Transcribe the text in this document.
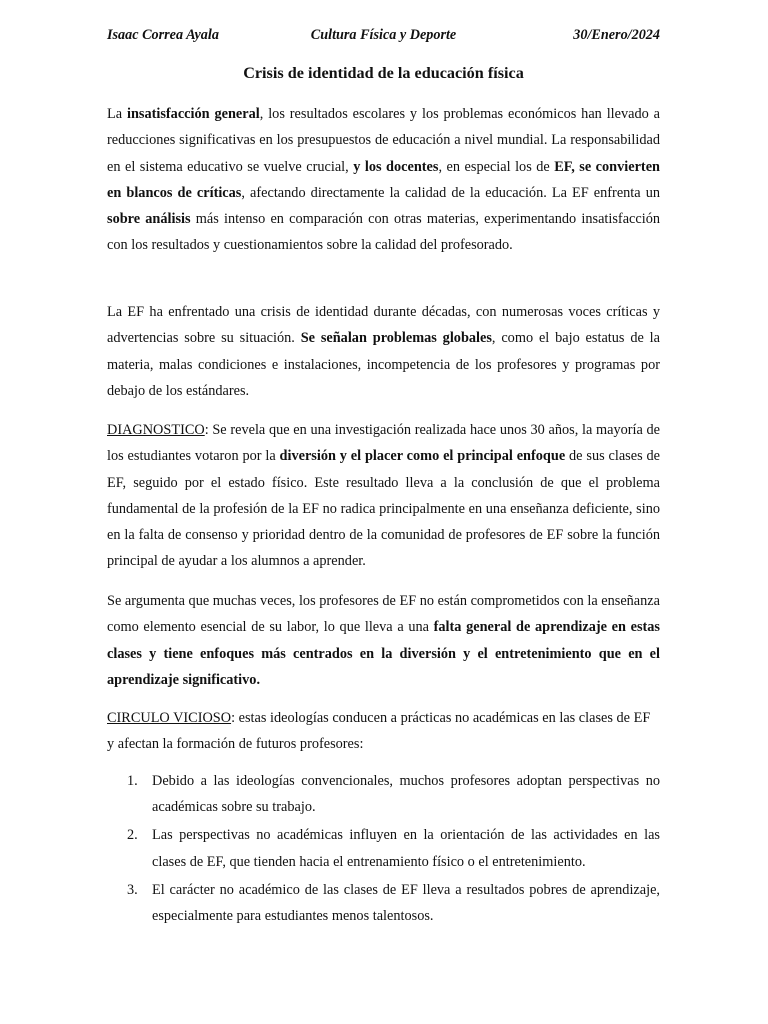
Cultura Física y Deporte
Isaac Correa Ayala	30/Enero/2024
Crisis de identidad de la educación física

La insatisfacción general, los resultados escolares y los problemas económicos han llevado a reducciones significativas en los presupuestos de educación a nivel mundial. La responsabilidad en el sistema educativo se vuelve crucial, y los docentes, en especial los de EF, se convierten en blancos de críticas, afectando directamente la calidad de la educación. La EF enfrenta un sobre análisis más intenso en comparación con otras materias, experimentando insatisfacción con los resultados y cuestionamientos sobre la calidad del profesorado.

La EF ha enfrentado una crisis de identidad durante décadas, con numerosas voces críticas y advertencias sobre su situación. Se señalan problemas globales, como el bajo estatus de la materia, malas condiciones e instalaciones, incompetencia de los profesores y programas por debajo de los estándares.

DIAGNOSTICO: Se revela que en una investigación realizada hace unos 30 años, la mayoría de los estudiantes votaron por la diversión y el placer como el principal enfoque de sus clases de EF, seguido por el estado físico. Este resultado lleva a la conclusión de que el problema fundamental de la profesión de la EF no radica principalmente en una enseñanza deficiente, sino en la falta de consenso y prioridad dentro de la comunidad de profesores de EF sobre la función principal de ayudar a los alumnos a aprender.

Se argumenta que muchas veces, los profesores de EF no están comprometidos con la enseñanza como elemento esencial de su labor, lo que lleva a una falta general de aprendizaje en estas clases y tiene enfoques más centrados en la diversión y el entretenimiento que en el aprendizaje significativo.

CIRCULO VICIOSO: estas ideologías conducen a prácticas no académicas en las clases de EF y afectan la formación de futuros profesores:

1. Debido a las ideologías convencionales, muchos profesores adoptan perspectivas no académicas sobre su trabajo.
2. Las perspectivas no académicas influyen en la orientación de las actividades en las clases de EF, que tienden hacia el entrenamiento físico o el entretenimiento.
3. El carácter no académico de las clases de EF lleva a resultados pobres de aprendizaje, especialmente para estudiantes menos talentosos.
